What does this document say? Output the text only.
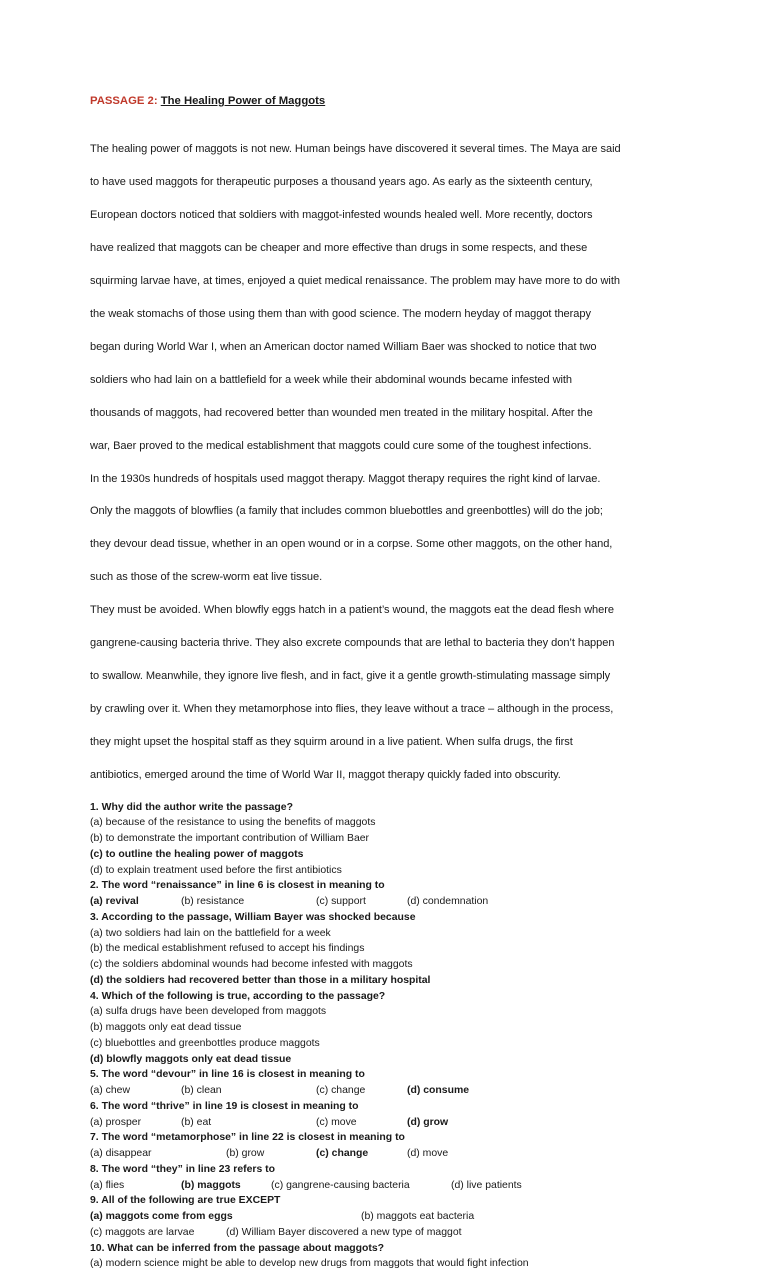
PASSAGE 2: The Healing Power of Maggots

The healing power of maggots is not new. Human beings have discovered it several times. The Maya are said

to have used maggots for therapeutic purposes a thousand years ago. As early as the sixteenth century,

European doctors noticed that soldiers with maggot-infested wounds healed well. More recently, doctors

have realized that maggots can be cheaper and more effective than drugs in some respects, and these

squirming larvae have, at times, enjoyed a quiet medical renaissance. The problem may have more to do with

the weak stomachs of those using them than with good science. The modern heyday of maggot therapy

began during World War I, when an American doctor named William Baer was shocked to notice that two

soldiers who had lain on a battlefield for a week while their abdominal wounds became infested with

thousands of maggots, had recovered better than wounded men treated in the military hospital. After the

war, Baer proved to the medical establishment that maggots could cure some of the toughest infections.

In the 1930s hundreds of hospitals used maggot therapy. Maggot therapy requires the right kind of larvae.

Only the maggots of blowflies (a family that includes common bluebottles and greenbottles) will do the job;

they devour dead tissue, whether in an open wound or in a corpse. Some other maggots, on the other hand,

such as those of the screw-worm eat live tissue.

They must be avoided. When blowfly eggs hatch in a patient’s wound, the maggots eat the dead flesh where

gangrene-causing bacteria thrive. They also excrete compounds that are lethal to bacteria they don’t happen

to swallow. Meanwhile, they ignore live flesh, and in fact, give it a gentle growth-stimulating massage simply

by crawling over it. When they metamorphose into flies, they leave without a trace – although in the process,

they might upset the hospital staff as they squirm around in a live patient. When sulfa drugs, the first

antibiotics, emerged around the time of World War II, maggot therapy quickly faded into obscurity.

1. Why did the author write the passage?
(a) because of the resistance to using the benefits of maggots
(b) to demonstrate the important contribution of William Baer
(c) to outline the healing power of maggots
(d) to explain treatment used before the first antibiotics
2. The word “renaissance” in line 6 is closest in meaning to
(a) revival	(b) resistance	(c) support	(d) condemnation
3. According to the passage, William Bayer was shocked because
(a) two soldiers had lain on the battlefield for a week
(b) the medical establishment refused to accept his findings
(c) the soldiers abdominal wounds had become infested with maggots
(d) the soldiers had recovered better than those in a military hospital
4. Which of the following is true, according to the passage?
(a) sulfa drugs have been developed from maggots
(b) maggots only eat dead tissue
(c) bluebottles and greenbottles produce maggots
(d) blowfly maggots only eat dead tissue
5. The word “devour” in line 16 is closest in meaning to
(a) chew	(b) clean	(c) change	(d) consume
6. The word “thrive” in line 19 is closest in meaning to
(a) prosper	(b) eat	(c) move	(d) grow
7. The word “metamorphose” in line 22 is closest in meaning to
(a) disappear	(b) grow	(c) change	(d) move
8. The word “they” in line 23 refers to
(a) flies	(b) maggots	(c) gangrene-causing bacteria	(d) live patients
9. All of the following are true EXCEPT
(a) maggots come from eggs	(b) maggots eat bacteria
(c) maggots are larvae	(d) William Bayer discovered a new type of maggot
10. What can be inferred from the passage about maggots?
(a) modern science might be able to develop new drugs from maggots that would fight infection
